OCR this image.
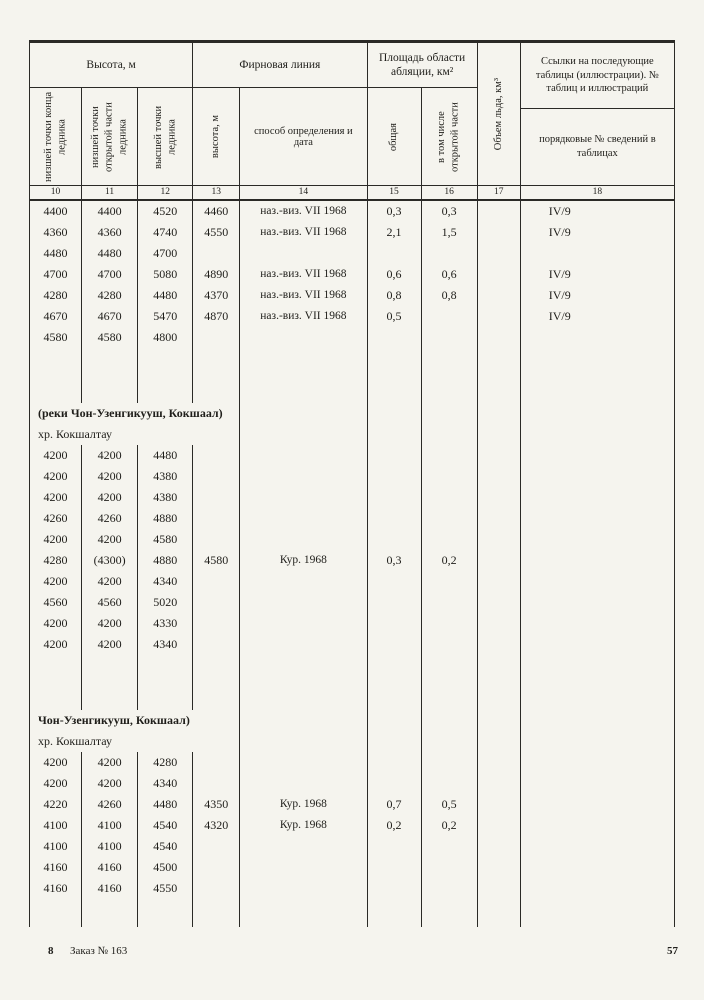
Высота, м			Фирновая линия		Площадь области абляции, км²		Объем льда, км³	Ссылки на последующие таблицы (иллюстрации). № таблиц и иллюстраций
порядковые № сведений в таблицах

низшей точки конца ледника	низшей точки открытой части ледника	высшей точки ледника	высота, м	способ определения и дата	общая	в том числе открытой части		

10	11	12	13	14	15	16	17	18
4400	4400	4520	4460	наз.-виз. VII 1968	0,3	0,3		IV/9
4360	4360	4740	4550	наз.-виз. VII 1968	2,1	1,5		IV/9
4480	4480	4700						
4700	4700	5080	4890	наз.-виз. VII 1968	0,6	0,6		IV/9
4280	4280	4480	4370	наз.-виз. VII 1968	0,8	0,8		IV/9
4670	4670	5470	4870	наз.-виз. VII 1968	0,5			IV/9
4580	4580	4800						

(реки Чон-Узенгикууш, Кокшаал)								
хр. Кокшалтау								
4200	4200	4480						
4200	4200	4380						
4200	4200	4380						
4260	4260	4880						
4200	4200	4580						
4280	(4300)	4880	4580	Кур. 1968	0,3	0,2		
4200	4200	4340						
4560	4560	5020						
4200	4200	4330						
4200	4200	4340						

Чон-Узенгикууш, Кокшаал)								
хр. Кокшалтау								
4200	4200	4280						
4200	4200	4340						
4220	4260	4480	4350	Кур. 1968	0,7	0,5		
4100	4100	4540	4320	Кур. 1968	0,2	0,2		
4100	4100	4540						
4160	4160	4500						
4160	4160	4550						

8 Заказ № 163	57
